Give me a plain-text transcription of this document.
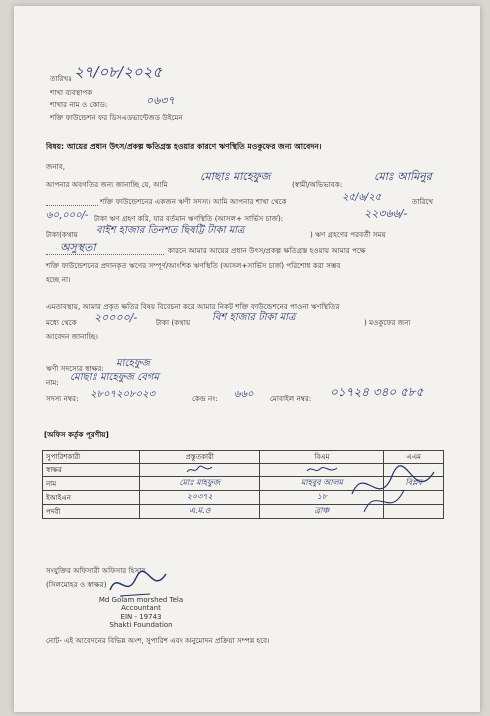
তারিখঃ ২৭/০৮/২০২৫
শাখা ব্যবস্থাপক
শাখার নাম ও কোড:	০৬৩৭
শক্তি ফাউন্ডেশন ফর ডিসএডভান্টেজড উইমেন
বিষয়: আয়ের প্রধান উৎস/প্রকল্প ক্ষতিগ্রস্ত হওয়ার কারণে ঋণস্থিতি মওকুফের জন্য আবেদন।
জনাব,
আপনার অবগতির জন্য জানাচ্ছি যে, আমি
মোছাঃ মাহেফুজ
(স্বামী/অভিভাবক:
মোঃ আমিনুর
শক্তি ফাউন্ডেশনের একজন ঋণী সদস্য। আমি আপনার শাখা থেকে	২৫/৬/২৫	তারিখে
৬০,০০০/- টাকা ঋণ গ্রহণ করি, যার বর্তমান ঋণস্থিতি (আসল+ সার্ভিস চার্জ):	২২৩৬৬/-
টাকা(কথায় বাইশ হাজার তিনশত ছিষট্টি টাকা মাত্র	) ঋণ গ্রহণের পরবর্তী সময়
অসুস্থতা	কারনে আমার আয়ের প্রধান উৎস/প্রকল্প ক্ষতিগ্রস্ত হওয়ায় আমার পক্ষে
শক্তি ফাউন্ডেশনের প্রদানকৃত ঋণের সম্পূর্ণ/আংশিক ঋণস্থিতি (আসল+সার্ভিস চার্জ) পরিশোধ করা সম্ভব
হচ্ছে না।
এমতাবস্থায়, আমার প্রকৃত ক্ষতির বিষয় বিবেচনা করে আমার নিকট শক্তি ফাউন্ডেশনের পাওনা ঋণস্থিতির
মধ্যে থেকে ২০০০০/-	টাকা (কথায় বিশ হাজার টাকা মাত্র	) মওকুফের জন্য
আবেদন জানাচ্ছি।
ঋণী সদস্যের স্বাক্ষর: মাহেফুজ
নাম: মোছাঃ মাহেফুজ বেগম
সদস্য নম্বর: ২৮০৭২০৮০২৩	কেন্দ্র নং: ৬৬০ মোবাইল নম্বর: ০১৭২৪ ৩৪০ ৫৮৫
[অফিস কর্তৃক পূরণীয়]
সুপারিশকারী	প্রস্তুতকারী	বিএম	এএম
স্বাক্ষর			
নাম	মোঃ মাহফুজ	মাহবুব আলম	বিপ্লব
ইআইএন	২০৩৭২	১৮	
পদবী	এ.ম.ও	ব্রাঞ্চ	
সংযুক্তির অফিসারী অফিসার হিসাব
(সিলমোহর ও স্বাক্ষর)
Md Golam morshed Tela
Accountant
EIN - 19743
Shakti Foundation
নোট- এই আবেদনের বিভিন্ন অংশ, সুপারিশ এবং অনুমোদন প্রক্রিয়া সম্পন্ন হবে।
